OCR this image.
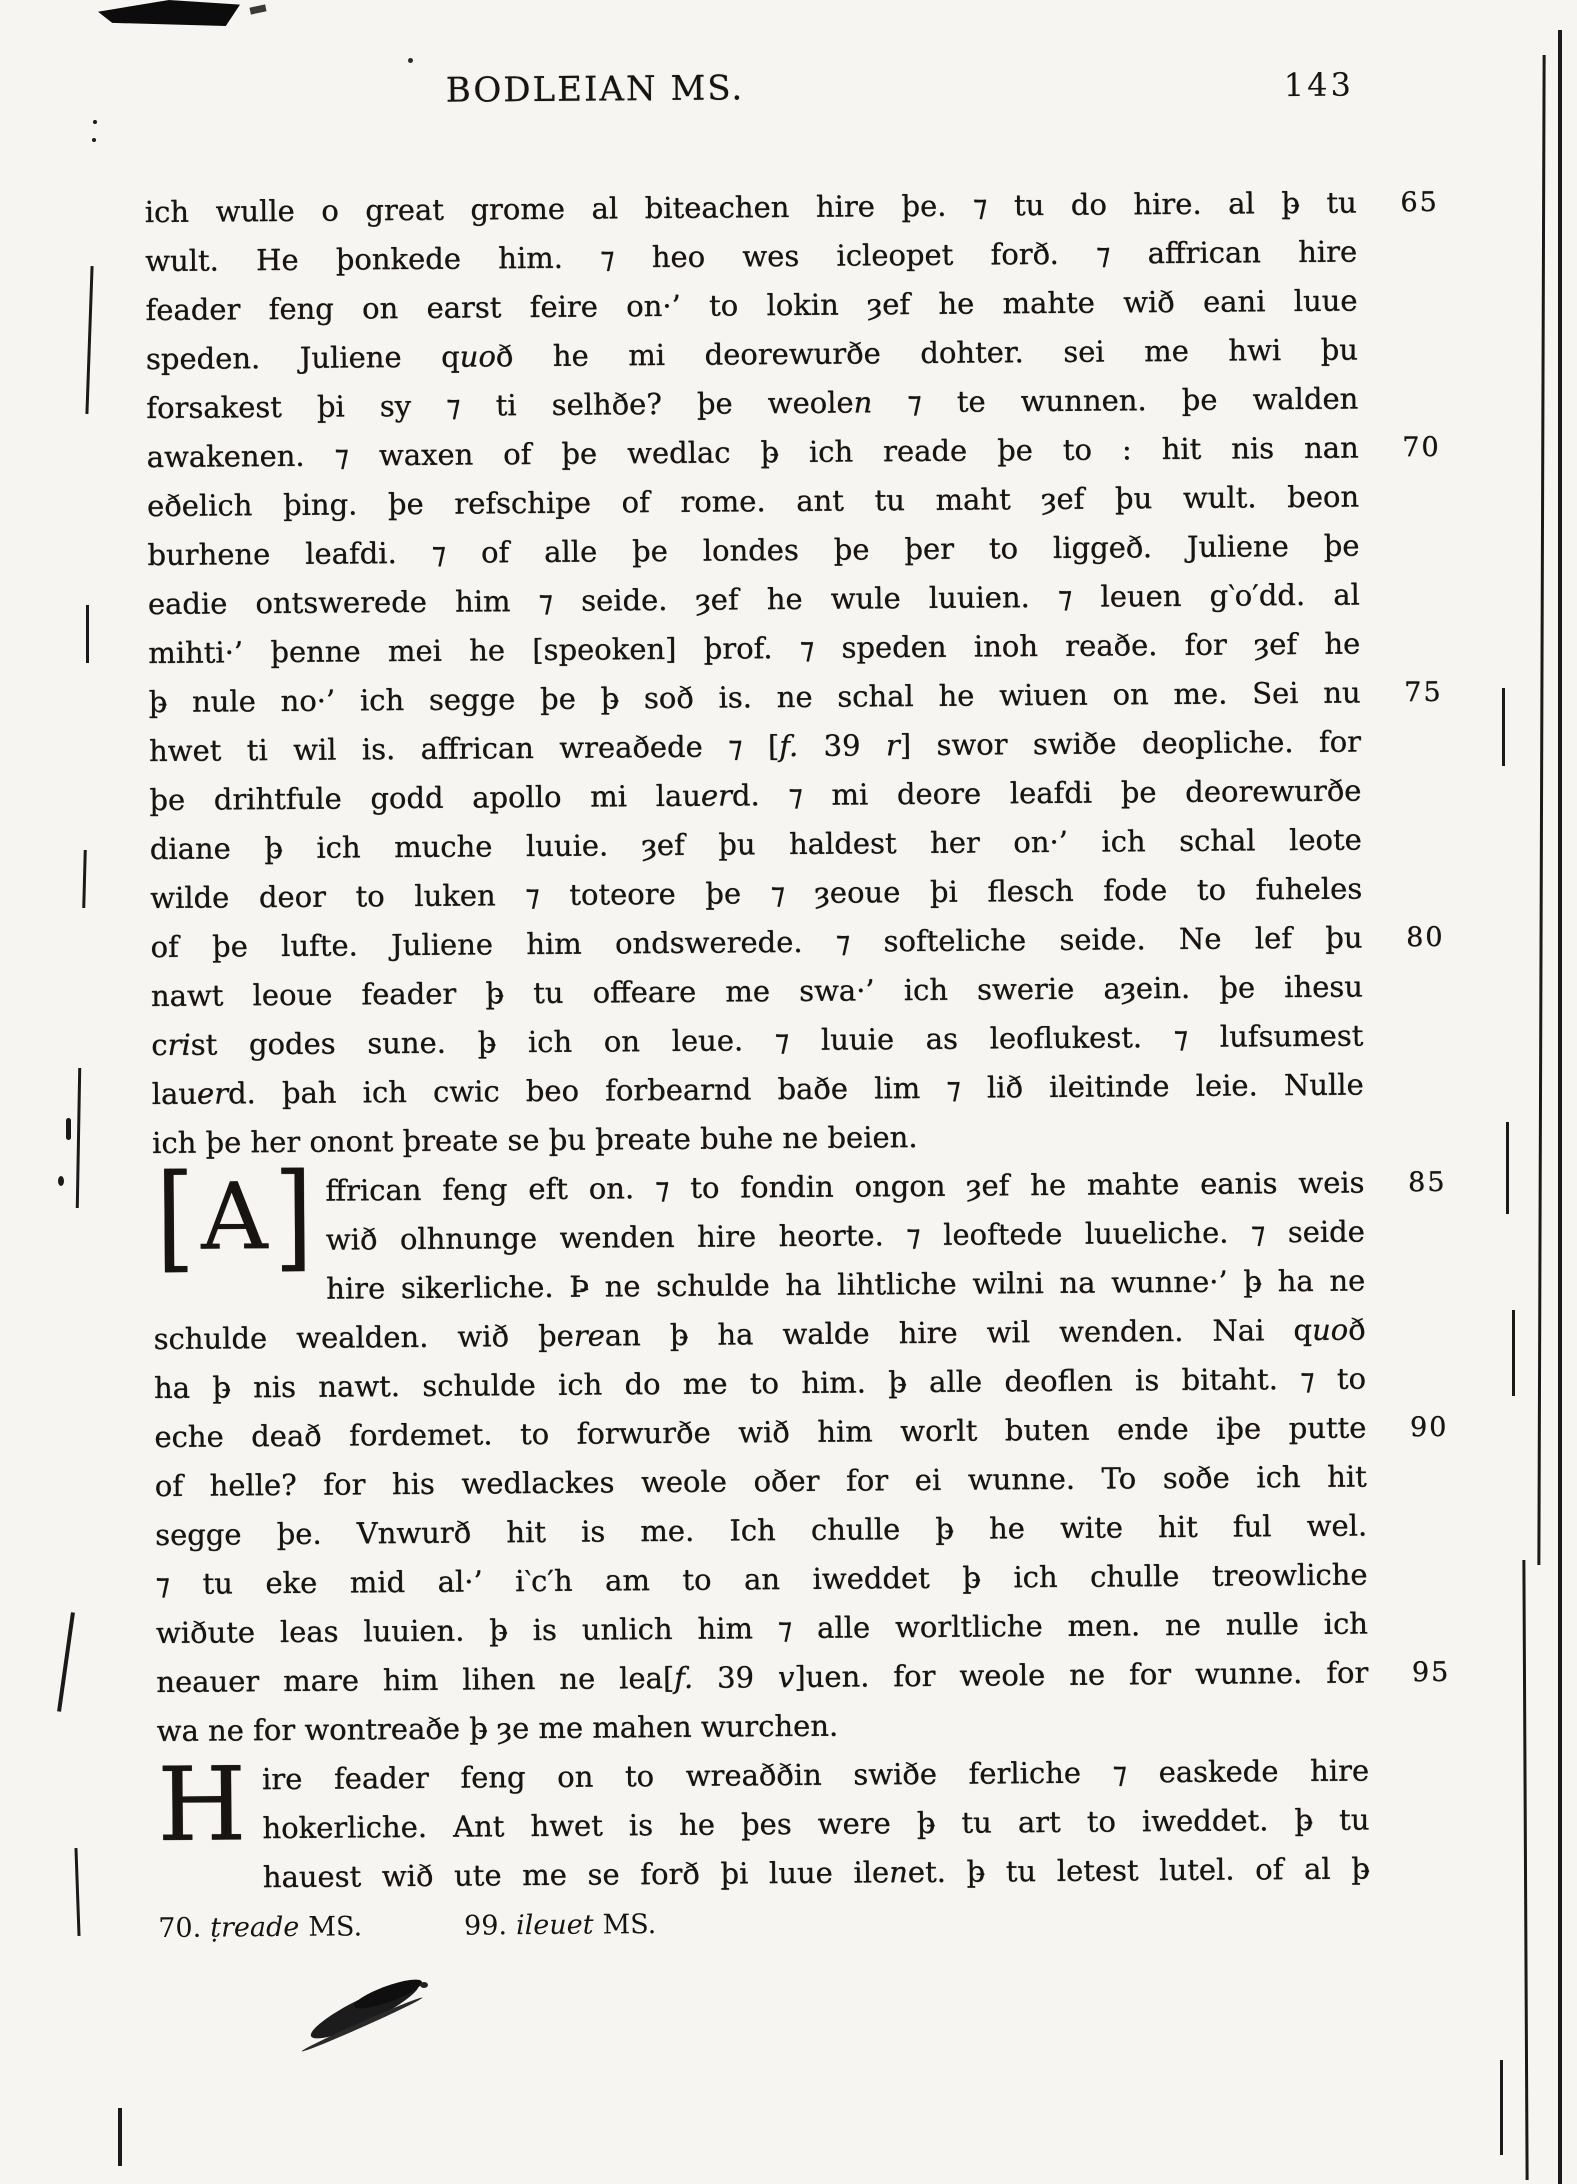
BODLEIAN MS.	143
ich wulle o great grome al biteachen hire þe. ⁊ tu do hire. al þ̵ tu 65
wult. He þonkede him. ⁊ heo wes icleopet forð. ⁊ affrican hire
feader feng on earst feire on·’ to lokin ȝef he mahte wið eani luue
speden. Juliene quoð he mi deorewurðe dohter. sei me hwi þu
forsakest þi sy ⁊ ti selhðe? þe weolen ⁊ te wunnen. þe walden
awakenen. ⁊ waxen of þe wedlac þ̵ ich reade þe to : hit nis nan 70
eðelich þing. þe refschipe of rome. ant tu maht ȝef þu wult. beon
burhene leafdi. ⁊ of alle þe londes þe þer to liggeð. Juliene þe
eadie ontswerede him ⁊ seide. ȝef he wule luuien. ⁊ leuen g‵o′dd. al
mihti·’ þenne mei he [speoken] þrof. ⁊ speden inoh reaðe. for ȝef he
þ̵ nule no·’ ich segge þe þ̵ soð is. ne schal he wiuen on me. Sei nu 75
hwet ti wil is. affrican wreaðede ⁊ [f. 39 r] swor swiðe deopliche. for
þe drihtfule godd apollo mi lauerd. ⁊ mi deore leafdi þe deorewurðe
diane þ̵ ich muche luuie. ȝef þu haldest her on·’ ich schal leote
wilde deor to luken ⁊ toteore þe ⁊ ȝeoue þi flesch fode to fuheles
of þe lufte. Juliene him ondswerede. ⁊ softeliche seide. Ne lef þu 80
nawt leoue feader þ̵ tu offeare me swa·’ ich swerie aȝein. þe ihesu
crist godes sune. þ̵ ich on leue. ⁊ luuie as leoflukest. ⁊ lufsumest
lauerd. þah ich cwic beo forbearnd baðe lim ⁊ lið ileitinde leie. Nulle
ich þe her onont þreate se þu þreate buhe ne beien.
[ A ] ffrican feng eft on. ⁊ to fondin ongon ȝef he mahte eanis weis 85
wið olhnunge wenden hire heorte. ⁊ leoftede luueliche. ⁊ seide
hire sikerliche. Þ̵ ne schulde ha lihtliche wilni na wunne·’ þ̵ ha ne
schulde wealden. wið þerean þ̵ ha walde hire wil wenden. Nai quoð
ha þ̵ nis nawt. schulde ich do me to him. þ̵ alle deoflen is bitaht. ⁊ to
eche deað fordemet. to forwurðe wið him worlt buten ende iþe putte 90
of helle? for his wedlackes weole oðer for ei wunne. To soðe ich hit
segge þe. Vnwurð hit is me. Ich chulle þ̵ he wite hit ful wel.
⁊ tu eke mid al·’ i‵c′h am to an iweddet þ̵ ich chulle treowliche
wiðute leas luuien. þ̵ is unlich him ⁊ alle worltliche men. ne nulle ich
neauer mare him lihen ne lea[f. 39 v]uen. for weole ne for wunne. for 95
wa ne for wontreaðe þ̵ ȝe me mahen wurchen.
H ire feader feng on to wreaððin swiðe ferliche ⁊ easkede hire
hokerliche. Ant hwet is he þes were þ̵ tu art to iweddet. þ̵ tu
hauest wið ute me se forð þi luue ilenet. þ̵ tu letest lutel. of al þ̵
70. ṭreade MS.	99. ileuet MS.
